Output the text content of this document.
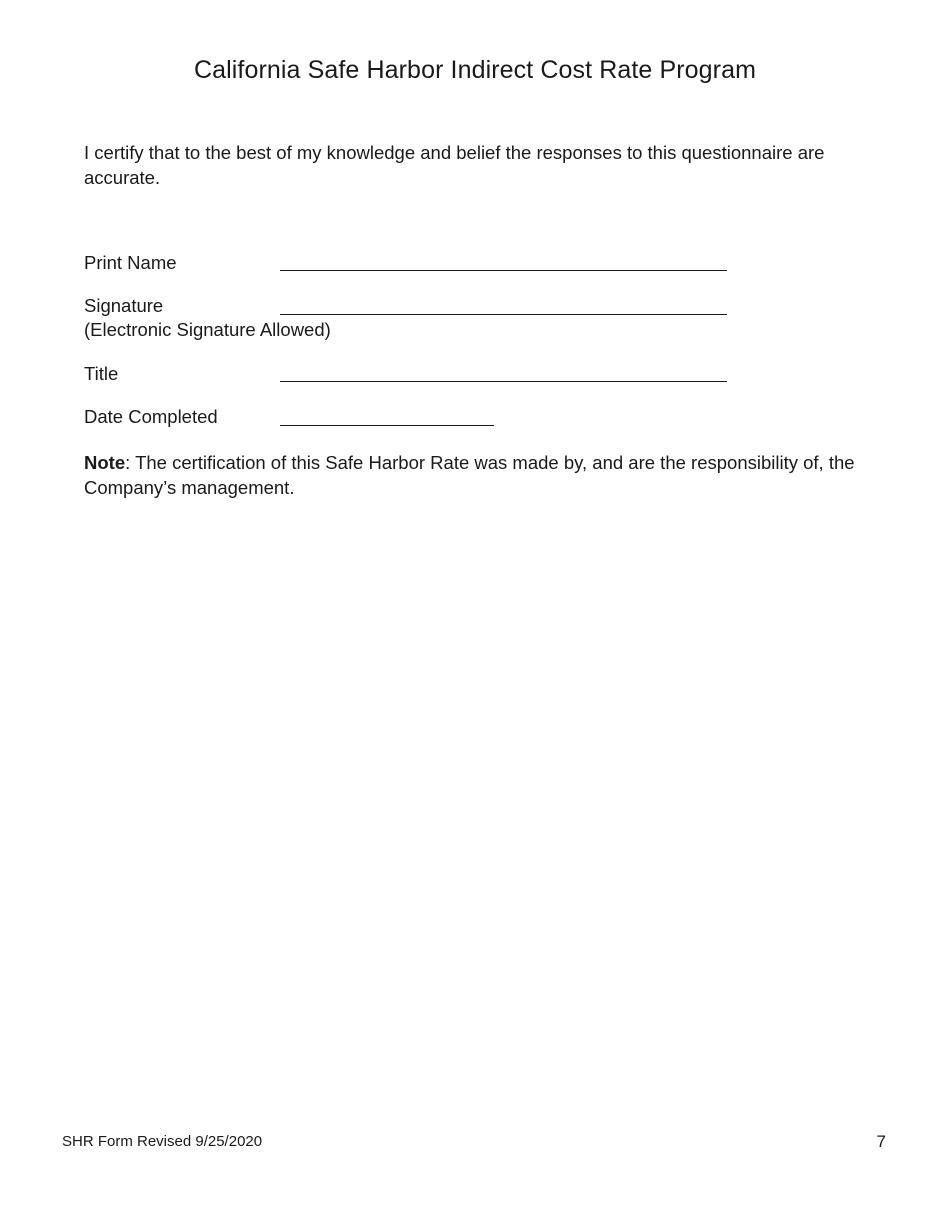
California Safe Harbor Indirect Cost Rate Program
I certify that to the best of my knowledge and belief the responses to this questionnaire are accurate.
Print Name
Signature
(Electronic Signature Allowed)
Title
Date Completed
Note: The certification of this Safe Harbor Rate was made by, and are the responsibility of, the Company’s management.
SHR Form Revised 9/25/2020	7
